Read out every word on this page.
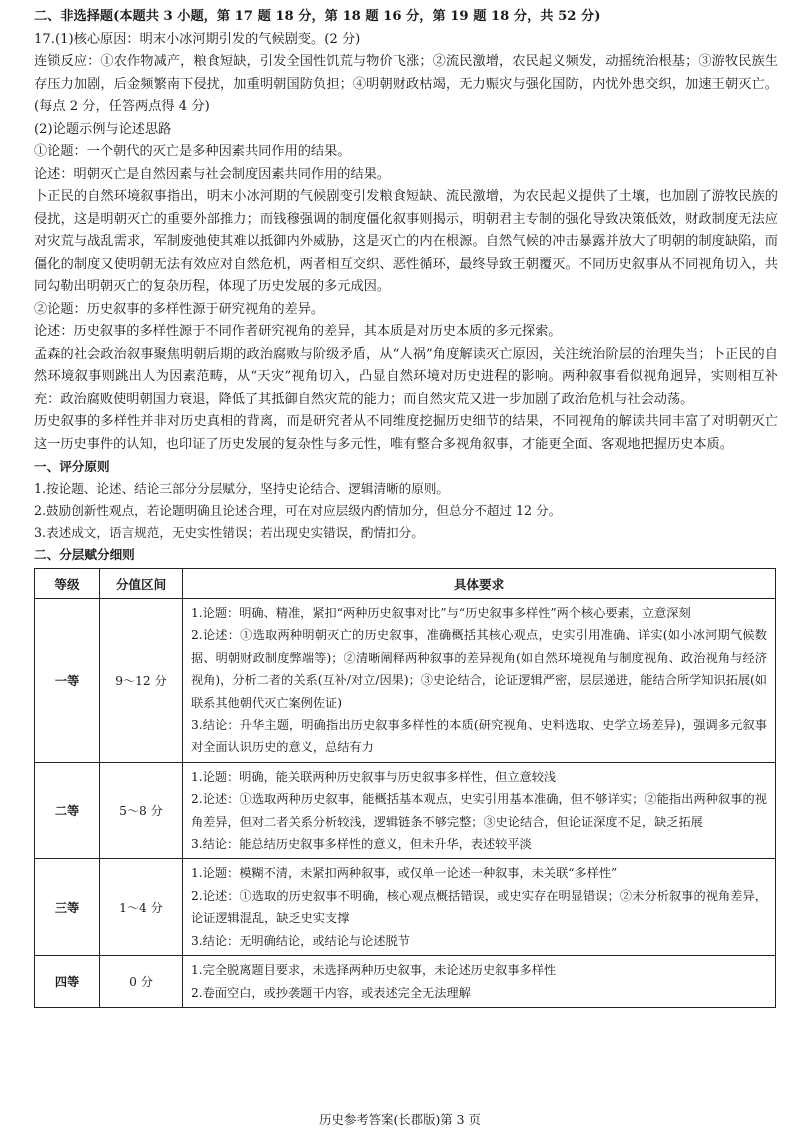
二、非选择题(本题共 3 小题，第 17 题 18 分，第 18 题 16 分，第 19 题 18 分，共 52 分)

17.(1)核心原因：明末小冰河期引发的气候剧变。(2 分)

连锁反应：①农作物减产，粮食短缺，引发全国性饥荒与物价飞涨；②流民激增，农民起义频发，动摇统治根基；③游牧民族生存压力加剧，后金频繁南下侵扰，加重明朝国防负担；④明朝财政枯竭，无力赈灾与强化国防，内忧外患交织，加速王朝灭亡。(每点 2 分，任答两点得 4 分)

(2)论题示例与论述思路

①论题：一个朝代的灭亡是多种因素共同作用的结果。

论述：明朝灭亡是自然因素与社会制度因素共同作用的结果。

卜正民的自然环境叙事指出，明末小冰河期的气候剧变引发粮食短缺、流民激增，为农民起义提供了土壤，也加剧了游牧民族的侵扰，这是明朝灭亡的重要外部推力；而钱穆强调的制度僵化叙事则揭示，明朝君主专制的强化导致决策低效，财政制度无法应对灾荒与战乱需求，军制废弛使其难以抵御内外威胁，这是灭亡的内在根源。自然气候的冲击暴露并放大了明朝的制度缺陷，而僵化的制度又使明朝无法有效应对自然危机，两者相互交织、恶性循环，最终导致王朝覆灭。不同历史叙事从不同视角切入，共同勾勒出明朝灭亡的复杂历程，体现了历史发展的多元成因。

②论题：历史叙事的多样性源于研究视角的差异。

论述：历史叙事的多样性源于不同作者研究视角的差异，其本质是对历史本质的多元探索。

孟森的社会政治叙事聚焦明朝后期的政治腐败与阶级矛盾，从“人祸”角度解读灭亡原因，关注统治阶层的治理失当；卜正民的自然环境叙事则跳出人为因素范畴，从“天灾”视角切入，凸显自然环境对历史进程的影响。两种叙事看似视角迥异，实则相互补充：政治腐败使明朝国力衰退，降低了其抵御自然灾荒的能力；而自然灾荒又进一步加剧了政治危机与社会动荡。

历史叙事的多样性并非对历史真相的背离，而是研究者从不同维度挖掘历史细节的结果，不同视角的解读共同丰富了对明朝灭亡这一历史事件的认知，也印证了历史发展的复杂性与多元性，唯有整合多视角叙事，才能更全面、客观地把握历史本质。

一、评分原则

1.按论题、论述、结论三部分分层赋分，坚持史论结合、逻辑清晰的原则。

2.鼓励创新性观点，若论题明确且论述合理，可在对应层级内酌情加分，但总分不超过 12 分。

3.表述成文，语言规范，无史实性错误；若出现史实错误，酌情扣分。

二、分层赋分细则

等级	分值区间	具体要求
一等	9～12 分	1.论题：明确、精准，紧扣“两种历史叙事对比”与“历史叙事多样性”两个核心要素，立意深刻
2.论述：①选取两种明朝灭亡的历史叙事，准确概括其核心观点，史实引用准确、详实(如小冰河期气候数据、明朝财政制度弊端等)；②清晰阐释两种叙事的差异视角(如自然环境视角与制度视角、政治视角与经济视角)，分析二者的关系(互补/对立/因果)；③史论结合，论证逻辑严密，层层递进，能结合所学知识拓展(如联系其他朝代灭亡案例佐证)
3.结论：升华主题，明确指出历史叙事多样性的本质(研究视角、史料选取、史学立场差异)，强调多元叙事对全面认识历史的意义，总结有力

二等	5～8 分	1.论题：明确，能关联两种历史叙事与历史叙事多样性，但立意较浅
2.论述：①选取两种历史叙事，能概括基本观点，史实引用基本准确，但不够详实；②能指出两种叙事的视角差异，但对二者关系分析较浅，逻辑链条不够完整；③史论结合，但论证深度不足，缺乏拓展
3.结论：能总结历史叙事多样性的意义，但未升华，表述较平淡

三等	1～4 分	1.论题：模糊不清，未紧扣两种叙事，或仅单一论述一种叙事，未关联“多样性”
2.论述：①选取的历史叙事不明确，核心观点概括错误，或史实存在明显错误；②未分析叙事的视角差异，论证逻辑混乱，缺乏史实支撑
3.结论：无明确结论，或结论与论述脱节

四等	0 分	1.完全脱离题目要求，未选择两种历史叙事，未论述历史叙事多样性
2.卷面空白，或抄袭题干内容，或表述完全无法理解
历史参考答案(长郡版)第 3 页
